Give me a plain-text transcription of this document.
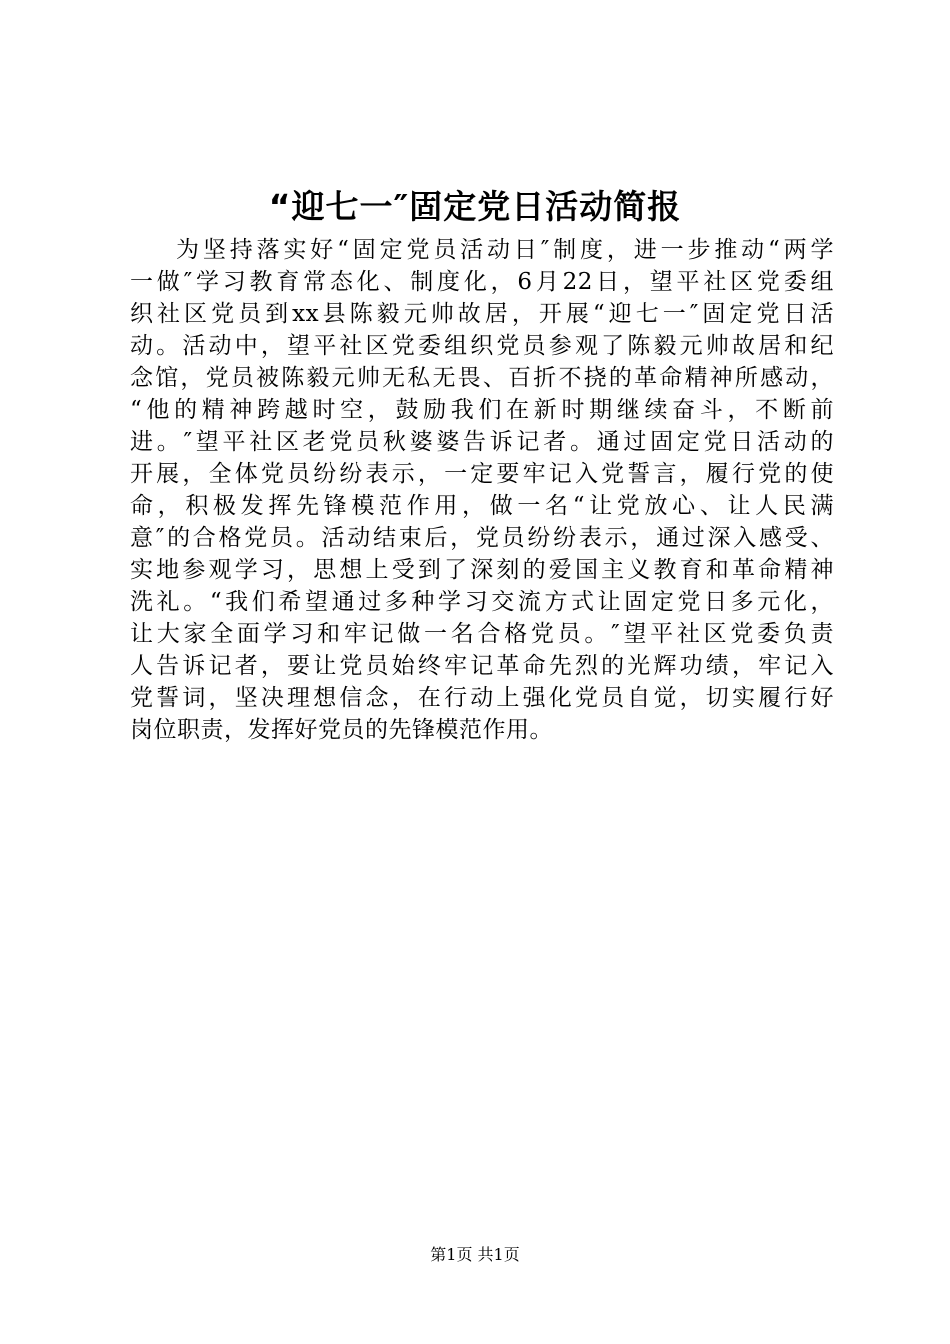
“迎七一″固定党日活动简报
为坚持落实好“固定党员活动日″制度，进一步推动“两学
一做″学习教育常态化、制度化，6月22日，望平社区党委组
织社区党员到xx县陈毅元帅故居，开展“迎七一″固定党日活
动。活动中，望平社区党委组织党员参观了陈毅元帅故居和纪
念馆，党员被陈毅元帅无私无畏、百折不挠的革命精神所感动，
“他的精神跨越时空，鼓励我们在新时期继续奋斗，不断前
进。″望平社区老党员秋婆婆告诉记者。通过固定党日活动的
开展，全体党员纷纷表示，一定要牢记入党誓言，履行党的使
命，积极发挥先锋模范作用，做一名“让党放心、让人民满
意″的合格党员。活动结束后，党员纷纷表示，通过深入感受、
实地参观学习，思想上受到了深刻的爱国主义教育和革命精神
洗礼。“我们希望通过多种学习交流方式让固定党日多元化，
让大家全面学习和牢记做一名合格党员。″望平社区党委负责
人告诉记者，要让党员始终牢记革命先烈的光辉功绩，牢记入
党誓词，坚决理想信念，在行动上强化党员自觉，切实履行好
岗位职责，发挥好党员的先锋模范作用。

第1页 共1页
